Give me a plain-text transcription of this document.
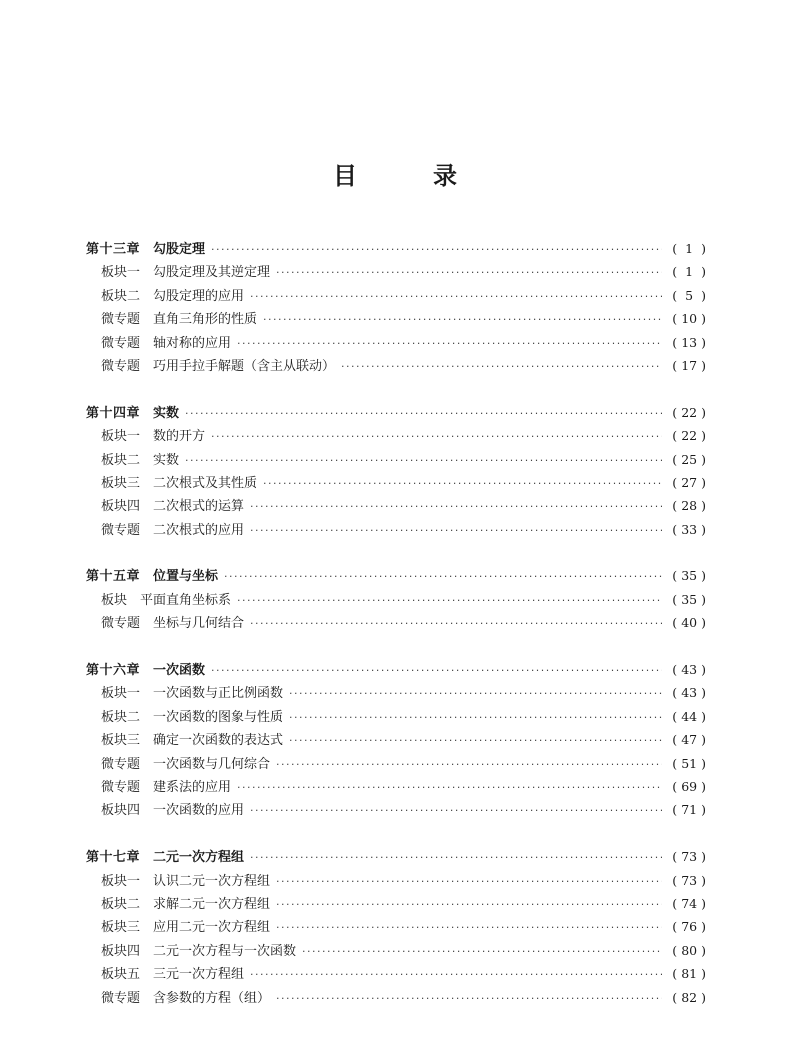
目　录
第十三章 勾股定理 ·····	( 1 )
板块一 勾股定理及其逆定理 ·····	( 1 )
板块二 勾股定理的应用 ·····	( 5 )
微专题 直角三角形的性质 ·····	( 10 )
微专题 轴对称的应用 ·····	( 13 )
微专题 巧用手拉手解题（含主从联动） ·····	( 17 )
第十四章 实数 ·····	( 22 )
板块一 数的开方 ·····	( 22 )
板块二 实数 ·····	( 25 )
板块三 二次根式及其性质 ·····	( 27 )
板块四 二次根式的运算 ·····	( 28 )
微专题 二次根式的应用 ·····	( 33 )
第十五章 位置与坐标 ·····	( 35 )
板块 平面直角坐标系 ·····	( 35 )
微专题 坐标与几何结合 ·····	( 40 )
第十六章 一次函数 ·····	( 43 )
板块一 一次函数与正比例函数 ·····	( 43 )
板块二 一次函数的图象与性质 ·····	( 44 )
板块三 确定一次函数的表达式 ·····	( 47 )
微专题 一次函数与几何综合 ·····	( 51 )
微专题 建系法的应用 ·····	( 69 )
板块四 一次函数的应用 ·····	( 71 )
第十七章 二元一次方程组 ·····	( 73 )
板块一 认识二元一次方程组 ·····	( 73 )
板块二 求解二元一次方程组 ·····	( 74 )
板块三 应用二元一次方程组 ·····	( 76 )
板块四 二元一次方程与一次函数 ·····	( 80 )
板块五 三元一次方程组 ·····	( 81 )
微专题 含参数的方程（组） ·····	( 82 )
